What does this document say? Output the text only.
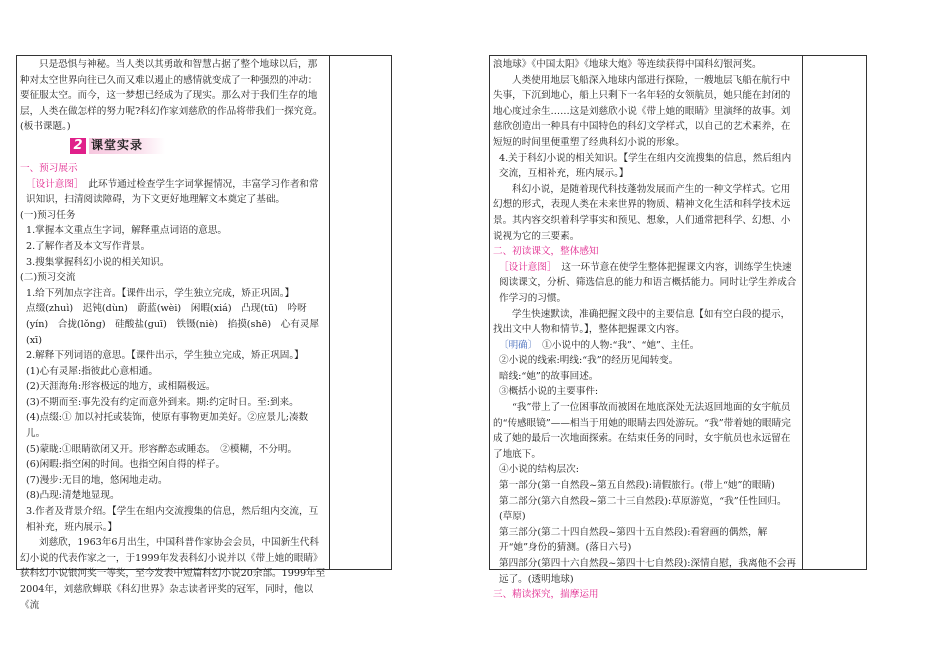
只是恐惧与神秘。当人类以其勇敢和智慧占据了整个地球以后，那种对太空世界向往已久而又难以遏止的感情就变成了一种强烈的冲动：要征服太空。而今，这一梦想已经成为了现实。那么对于我们生存的地层，人类在做怎样的努力呢?科幻作家刘慈欣的作品将带我们一探究竟。(板书课题。)

2 课堂实录

一、预习展示

［设计意图］　 此环节通过检查学生字词掌握情况，丰富学习作者和常识知识，扫清阅读障碍，为下文更好地理解文本奠定了基础。

(一)预习任务

1.掌握本文重点生字词，解释重点词语的意思。

2.了解作者及本文写作背景。

3.搜集掌握科幻小说的相关知识。

(二)预习交流

1.给下列加点字注音。【课件出示，学生独立完成，矫正巩固。】

点缀(zhuì)　迟钝(dùn)　蔚蓝(wèi)　闲暇(xiá)　凸现(tū)　吟呀(yín)　合拢(lǒng)　硅酸盐(guī)　铁镊(niè)　掐摸(shē)　心有灵犀(xī)

2.解释下列词语的意思。【课件出示，学生独立完成，矫正巩固。】

(1)心有灵犀:指彼此心意相通。

(2)天涯海角:形容极远的地方，或相隔极远。

(3)不期而至:事先没有约定而意外到来。期:约定时日。至:到来。

(4)点缀:① 加以衬托或装饰，使原有事物更加美好。②应景儿;凑数儿。

(5)蒙眬:①眼睛欲闭又开。形容醉态或睡态。　②模糊，不分明。

(6)闲暇:指空闲的时间。也指空闲自得的样子。

(7)漫步:无目的地，悠闲地走动。

(8)凸现:清楚地显现。

3.作者及背景介绍。【学生在组内交流搜集的信息，然后组内交流，互相补充，班内展示。】

刘慈欣，1963年6月出生，中国科普作家协会会员，中国新生代科幻小说的代表作家之一，于1999年发表科幻小说并以《带上她的眼睛》获科幻小说银河奖一等奖，至今发表中短篇科幻小说20余部。1999年至2004年，刘慈欣蝉联《科幻世界》杂志读者评奖的冠军，同时，他以《流

浪地球》《中国太阳》《地球大炮》等连续获得中国科幻银河奖。

人类使用地层飞船深入地球内部进行探险，一艘地层飞船在航行中失事，下沉到地心，船上只剩下一名年轻的女领航员，她只能在封闭的地心度过余生……这是刘慈欣小说《带上她的眼睛》里演绎的故事。刘慈欣创造出一种具有中国特色的科幻文学样式，以自己的艺术素养，在短短的时间里便重塑了经典科幻小说的形象。

4.关于科幻小说的相关知识。【学生在组内交流搜集的信息，然后组内交流，互相补充，班内展示。】

科幻小说，是随着现代科技蓬勃发展而产生的一种文学样式。它用幻想的形式，表现人类在未来世界的物质、精神文化生活和科学技术远景。其内容交织着科学事实和预见、想象，人们通常把科学、幻想、小说视为它的三要素。

二、初读课文，整体感知

［设计意图］　 这一环节意在使学生整体把握课文内容，训练学生快速阅读课文，分析、筛选信息的能力和语言概括能力。同时让学生养成合作学习的习惯。

学生快速默读，准确把握文段中的主要信息【如有空白段的提示，找出文中人物和情节。】，整体把握课文内容。

〔明确〕　 ①小说中的人物:“我”、“她”、主任。

②小说的线索:明线:“我”的经历见闻转变。

暗线:“她”的故事回述。

③概括小说的主要事件:

“我”带上了一位困事故而被困在地底深处无法返回地面的女宇航员的“传感眼镜”——相当于用她的眼睛去四处游玩。“我”带着她的眼睛完成了她的最后一次地面探索。在结束任务的同时，女宇航员也永远留在了地底下。

④小说的结构层次:

第一部分(第一自然段~第五自然段):请假旅行。(带上“她”的眼睛)

第二部分(第六自然段~第二十三自然段):草原游览，“我”任性回归。(草原)

第三部分(第二十四自然段~第四十五自然段):看窘画的偶然，解开“她”身份的猜测。(落日六号)

第四部分(第四十六自然段~第四十七自然段):深情自慰，我离他不会再远了。(透明地球)

三、精读探究，揣摩运用
